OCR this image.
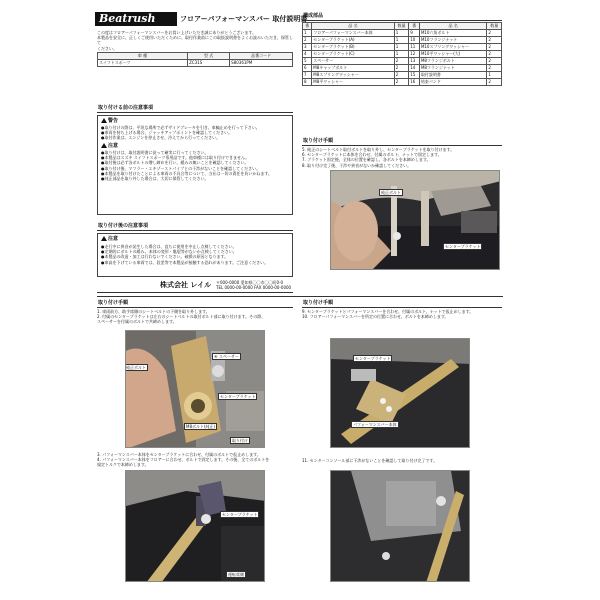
Beatrush	フロアーパフォーマンスバー 取付説明書
この度はフロアーパフォーマンスバーをお買い上げいただき誠にありがとうございます。
本製品を安全に、正しくご使用いただくために、取付作業前にこの取扱説明書をよくお読みいただき、保管して
ください。
車 種	型 式	品番コード
スイフトスポーツ	ZC31S	S80361PM
構成部品
番	品 名	数量	番	品 名	数量
1	フロアーパフォーマンスバー本体	1	9	M10六角ボルト	2
2	センターブラケット(A)	1	10	M10フランジナット	2
3	センターブラケット(B)	1	11	M10スプリングワッシャー	2
4	センターブラケット(C)	1	12	M10平ワッシャー(大)	2
5	スペーサー	2	13	M8フランジボルト	2
6	M8キャップボルト	2	14	M8フランジナット	2
7	M8スプリングワッシャー	2	15	取付説明書	1
8	M8平ワッシャー	2	16	結束バンド	2
取り付ける前の注意事項
警告
●取り付けの際は、平坦な場所で必ずサイドブレーキを引き、車輪止めを行って下さい。
●車両を持ち上げる場合、ジャッキアップポイントを確認してください。
●取付作業は、エンジンを停止させ、冷えてから行ってください。
注意
●取り付けは、取付説明書に従って確実に行ってください。
●本製品はスズキ スイフトスポーツ専用品です。他車種には取り付けできません。
●取付後は必ず各ボルトの増し締めを行い、緩みの無いことを確認してください。
●取り付け後、マフラー・エキゾーストパイプとの干渉がないことを確認してください。
●本製品を取り付けたことによる車両の不具合等について、当社は一切の責任を負いかねます。
●純正部品を取り外した場合は、大切に保管してください。
取り付け後の注意事項
注意
●走行中に異音が発生した場合は、直ちに使用を中止し点検してください。
●定期的にボルトの緩み、本体の変形・亀裂等がないか点検してください。
●本製品の改造・加工は行わないでください。破損の原因となります。
●車高を下げている車両では、段差等で本製品が接触する恐れがあります。ご注意ください。
株式会社 レイル 〒000-0000 愛知県〇〇市〇〇町0-0
TEL 0000-00-0000 FAX 0000-00-0000
取り付け手順
5. 純正のシートベルト取付ボルトを取り外し、センターブラケットを取り付けます。
6. センターブラケットに本体を合わせ、付属のボルト、ナットで固定します。
7. ブラケット固定後、全体の位置を確認し、各ボルトを本締めします。
8. 取り付け完了後、干渉や異音がないか確認してください。
純正ボルト
センターブラケット
取り付け手順
1. 車両前方、助手席側のシートベルトの下側を取り外します。
2. 付属のセンターブラケットは左右のシートベルトの取付ボルト部に取り付けます。その際、
スペーサーを付属のボルトで共締めします。
④ スペーサー
純正ボルト
センターブラケット
M8ボルト(純正)
取り付け
3. パフォーマンスバー本体をセンターブラケットに合わせ、付属のボルトで仮止めします。
4. パフォーマンスバー本体をフロアーに合わせ、ボルトで固定します。その後、全てのボルトを
規定トルクで本締めします。
センターブラケット
運転席側
取り付け手順
9. センターブラケットとパフォーマンスバーを合わせ、付属のボルト、ナットで仮止めします。
10. フロアーパフォーマンスバーを所定の位置に合わせ、ボルトを本締めします。
センターブラケット
パフォーマンスバー本体
11. センターコンソール部に干渉がないことを確認して取り付け完了です。
